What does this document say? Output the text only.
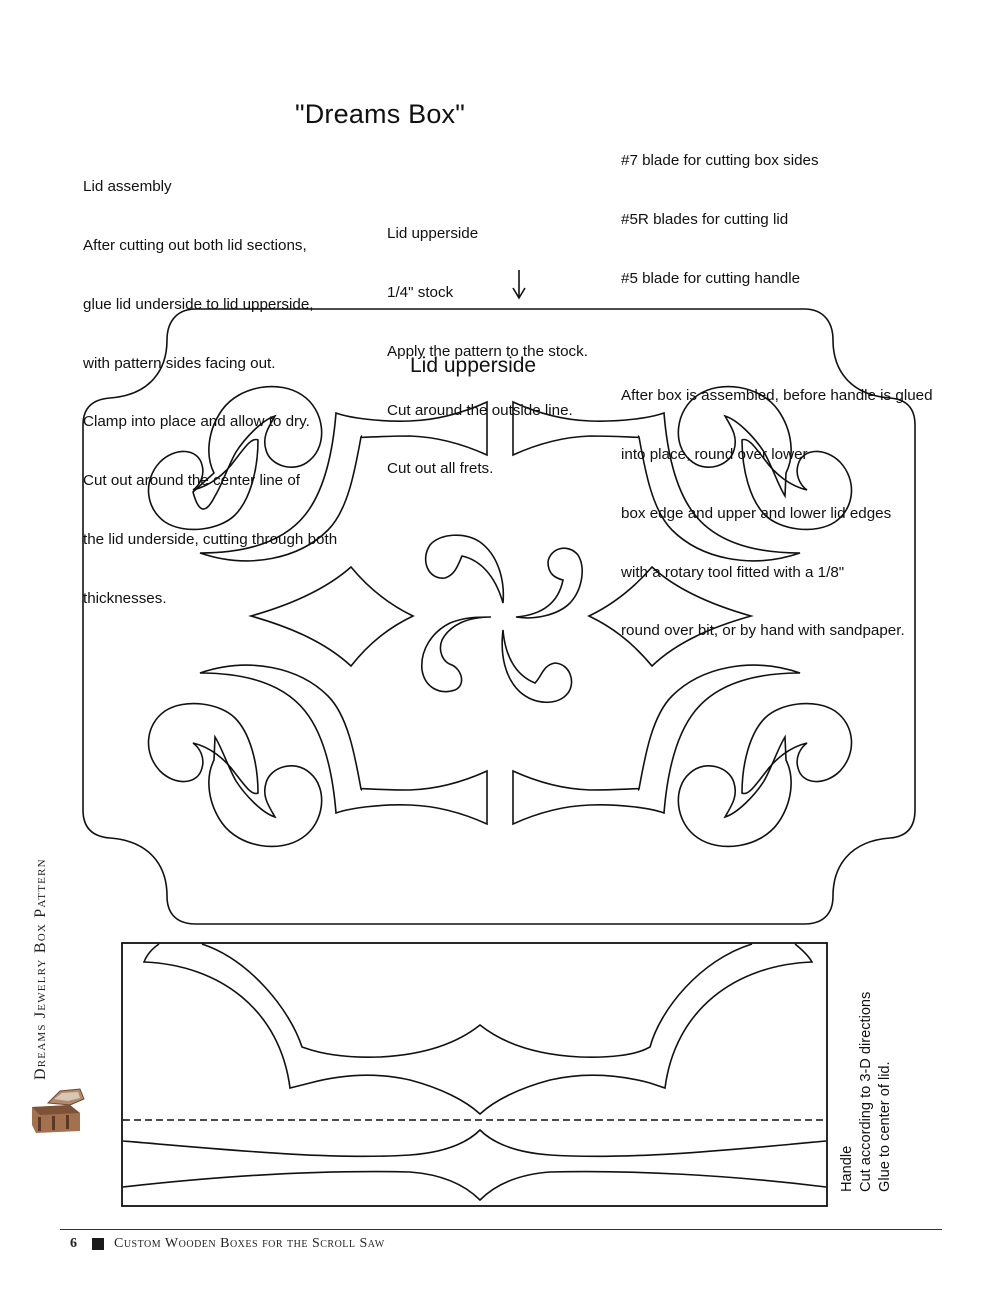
"Dreams Box"

Lid assembly

After cutting out both lid sections,

glue lid underside to lid upperside,

with pattern sides facing out.

Clamp into place and allow to dry.

Cut out around the center line of

the lid underside, cutting through both

thicknesses.

Lid upperside

1/4" stock

Apply the pattern to the stock.

Cut around the outside line.

Cut out all frets.

#7 blade for cutting box sides

#5R blades for cutting lid

#5 blade for cutting handle

After box is assembled, before handle is glued

into place, round over lower

box edge and upper and lower lid edges

with a rotary tool fitted with a 1/8"

round over bit, or by hand with sandpaper.

Lid upperside
Handle Cut according to 3-D directions Glue to center of lid.
Dreams Jewelry Box Pattern
6	Custom Wooden Boxes for the Scroll Saw
